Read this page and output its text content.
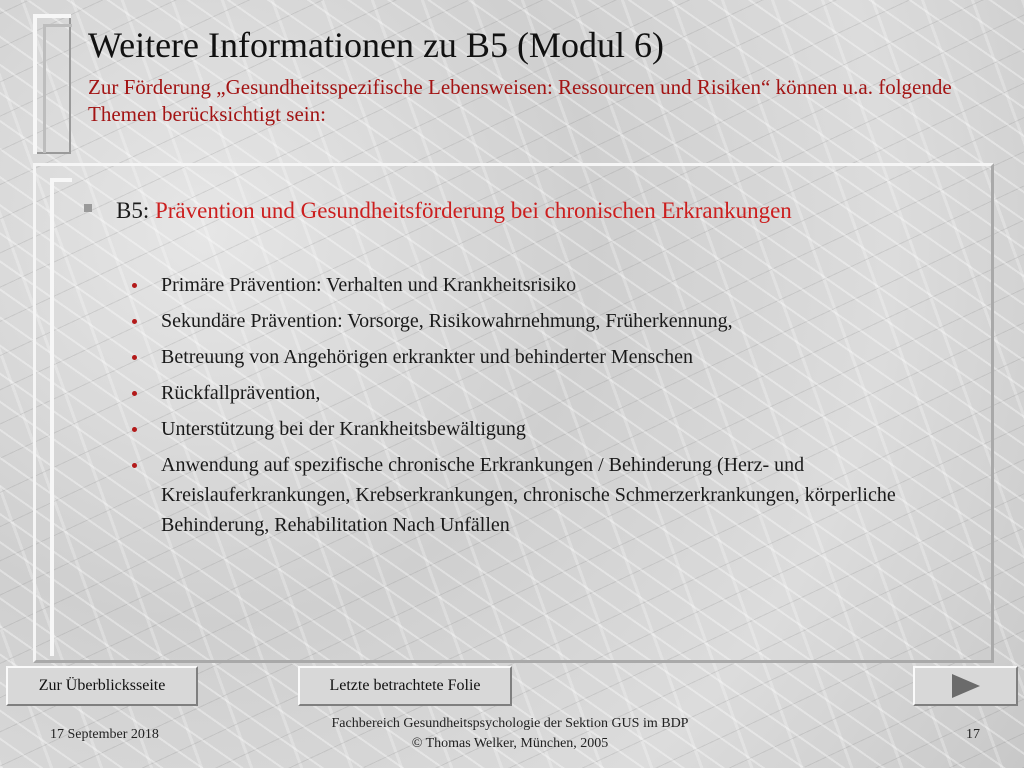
Weitere Informationen zu B5 (Modul 6)

Zur Förderung „Gesundheitsspezifische Lebensweisen: Ressourcen und Risiken“ können u.a. folgende Themen berücksichtigt sein:

B5: Prävention und Gesundheitsförderung bei chronischen Erkrankungen

Primäre Prävention: Verhalten und Krankheitsrisiko
Sekundäre Prävention: Vorsorge, Risikowahrnehmung, Früherkennung,
Betreuung von Angehörigen erkrankter und behinderter Menschen
Rückfallprävention,
Unterstützung bei der Krankheitsbewältigung
Anwendung auf spezifische chronische Erkrankungen / Behinderung (Herz- und Kreislauferkrankungen, Krebserkrankungen, chronische Schmerzerkrankungen, körperliche Behinderung, Rehabilitation Nach Unfällen
Zur Überblicksseite	Letzte betrachtete Folie
17 September 2018
Fachbereich Gesundheitspsychologie der Sektion GUS im BDP
© Thomas Welker, München, 2005
17
